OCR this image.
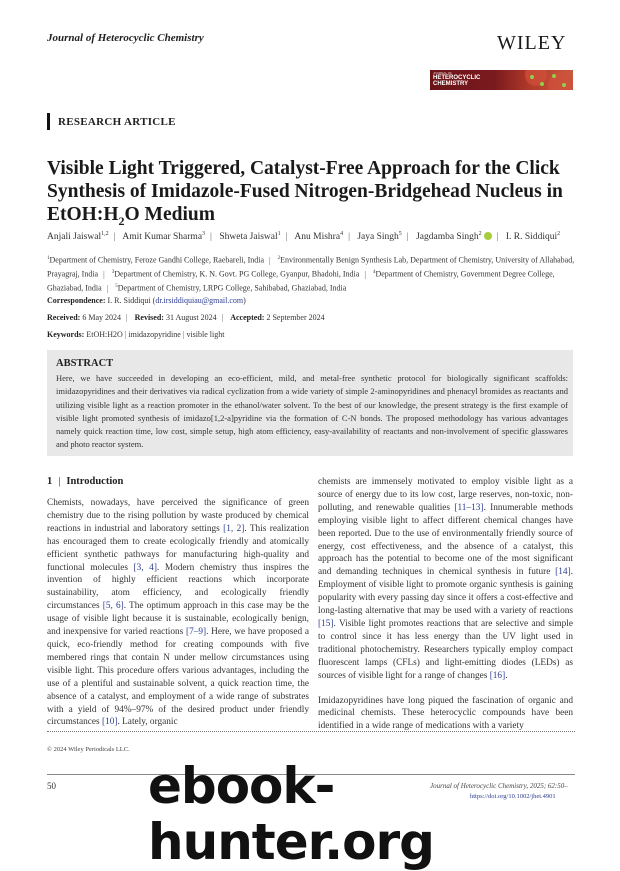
Journal of Heterocyclic Chemistry	WILEY
JOURNAL OF
HETEROCYCLIC
CHEMISTRY
RESEARCH ARTICLE
Visible Light Triggered, Catalyst-Free Approach for the Click Synthesis of Imidazole-Fused Nitrogen-Bridgehead Nucleus in $EtOH:H_2O$ Medium
Anjali Jaiswal$^{1,2}$ | Amit Kumar Sharma$^3$ | Shweta Jaiswal$^1$ | Anu Mishra$^4$ | Jaya Singh$^5$ | Jagdamba Singh$^2$ | I. R. Siddiqui$^2$
$^1$Department of Chemistry, Feroze Gandhi College, Raebareli, India | $^2$Environmentally Benign Synthesis Lab, Department of Chemistry, University of Allahabad, Prayagraj, India | $^3$Department of Chemistry, K. N. Govt. PG College, Gyanpur, Bhadohi, India | $^4$Department of Chemistry, Government Degree College, Ghaziabad, India | $^5$Department of Chemistry, LRPG College, Sahibabad, Ghaziabad, India
Correspondence: I. R. Siddiqui (dr.irsiddiquiau@gmail.com)
Received: 6 May 2024 | Revised: 31 August 2024 | Accepted: 2 September 2024
Keywords: EtOH:H2O | imidazopyridine | visible light
ABSTRACT
Here, we have succeeded in developing an eco-efficient, mild, and metal-free synthetic protocol for biologically significant scaffolds: imidazopyridines and their derivatives via radical cyclization from a wide variety of simple 2-aminopyridines and phenacyl bromides as reactants and utilizing visible light as a reaction promoter in the ethanol/water solvent. To the best of our knowledge, the present strategy is the first example of visible light promoted synthesis of imidazo[1,2-a]pyridine via the formation of C-N bonds. The proposed methodology has various advantages namely quick reaction time, low cost, simple setup, high atom efficiency, easy-availability of reactants and non-involvement of specific glasswares and photo reactor system.
1 | Introduction

Chemists, nowadays, have perceived the significance of green chemistry due to the rising pollution by waste produced by chemical reactions in industrial and laboratory settings [1, 2]. This realization has encouraged them to create ecologically friendly and atomically efficient synthetic pathways for manufacturing high-quality and functional molecules [3, 4]. Modern chemistry thus inspires the invention of highly efficient reactions which incorporate sustainability, atom efficiency, and ecologically friendly circumstances [5, 6]. The optimum approach in this case may be the usage of visible light because it is sustainable, ecologically benign, and inexpensive for varied reactions [7–9]. Here, we have proposed a quick, eco-friendly method for creating compounds with five membered rings that contain N under mellow circumstances using visible light. This procedure offers various advantages, including the use of a plentiful and sustainable solvent, a quick reaction time, the absence of a catalyst, and employment of a wide range of substrates with a yield of 94%–97% of the desired product under friendly circumstances [10]. Lately, organic

chemists are immensely motivated to employ visible light as a source of energy due to its low cost, large reserves, non-toxic, non-polluting, and renewable qualities [11–13]. Innumerable methods employing visible light to affect different chemical changes have been reported. Due to the use of environmentally friendly source of energy, cost effectiveness, and the absence of a catalyst, this approach has the potential to become one of the most significant and demanding techniques in chemical synthesis in future [14]. Employment of visible light to promote organic synthesis is gaining popularity with every passing day since it offers a cost-effective and long-lasting alternative that may be used with a variety of reactions [15]. Visible light promotes reactions that are selective and simple to control since it has less energy than the UV light used in traditional photochemistry. Researchers typically employ compact fluorescent lamps (CFLs) and light-emitting diodes (LEDs) as sources of visible light for a range of changes [16].

Imidazopyridines have long piqued the fascination of organic and medicinal chemists. These heterocyclic compounds have been identified in a wide range of medications with a variety

© 2024 Wiley Periodicals LLC.
50	Journal of Heterocyclic Chemistry, 2025; 62:50–
https://doi.org/10.1002/jhet.4901
ebook-hunter.org
